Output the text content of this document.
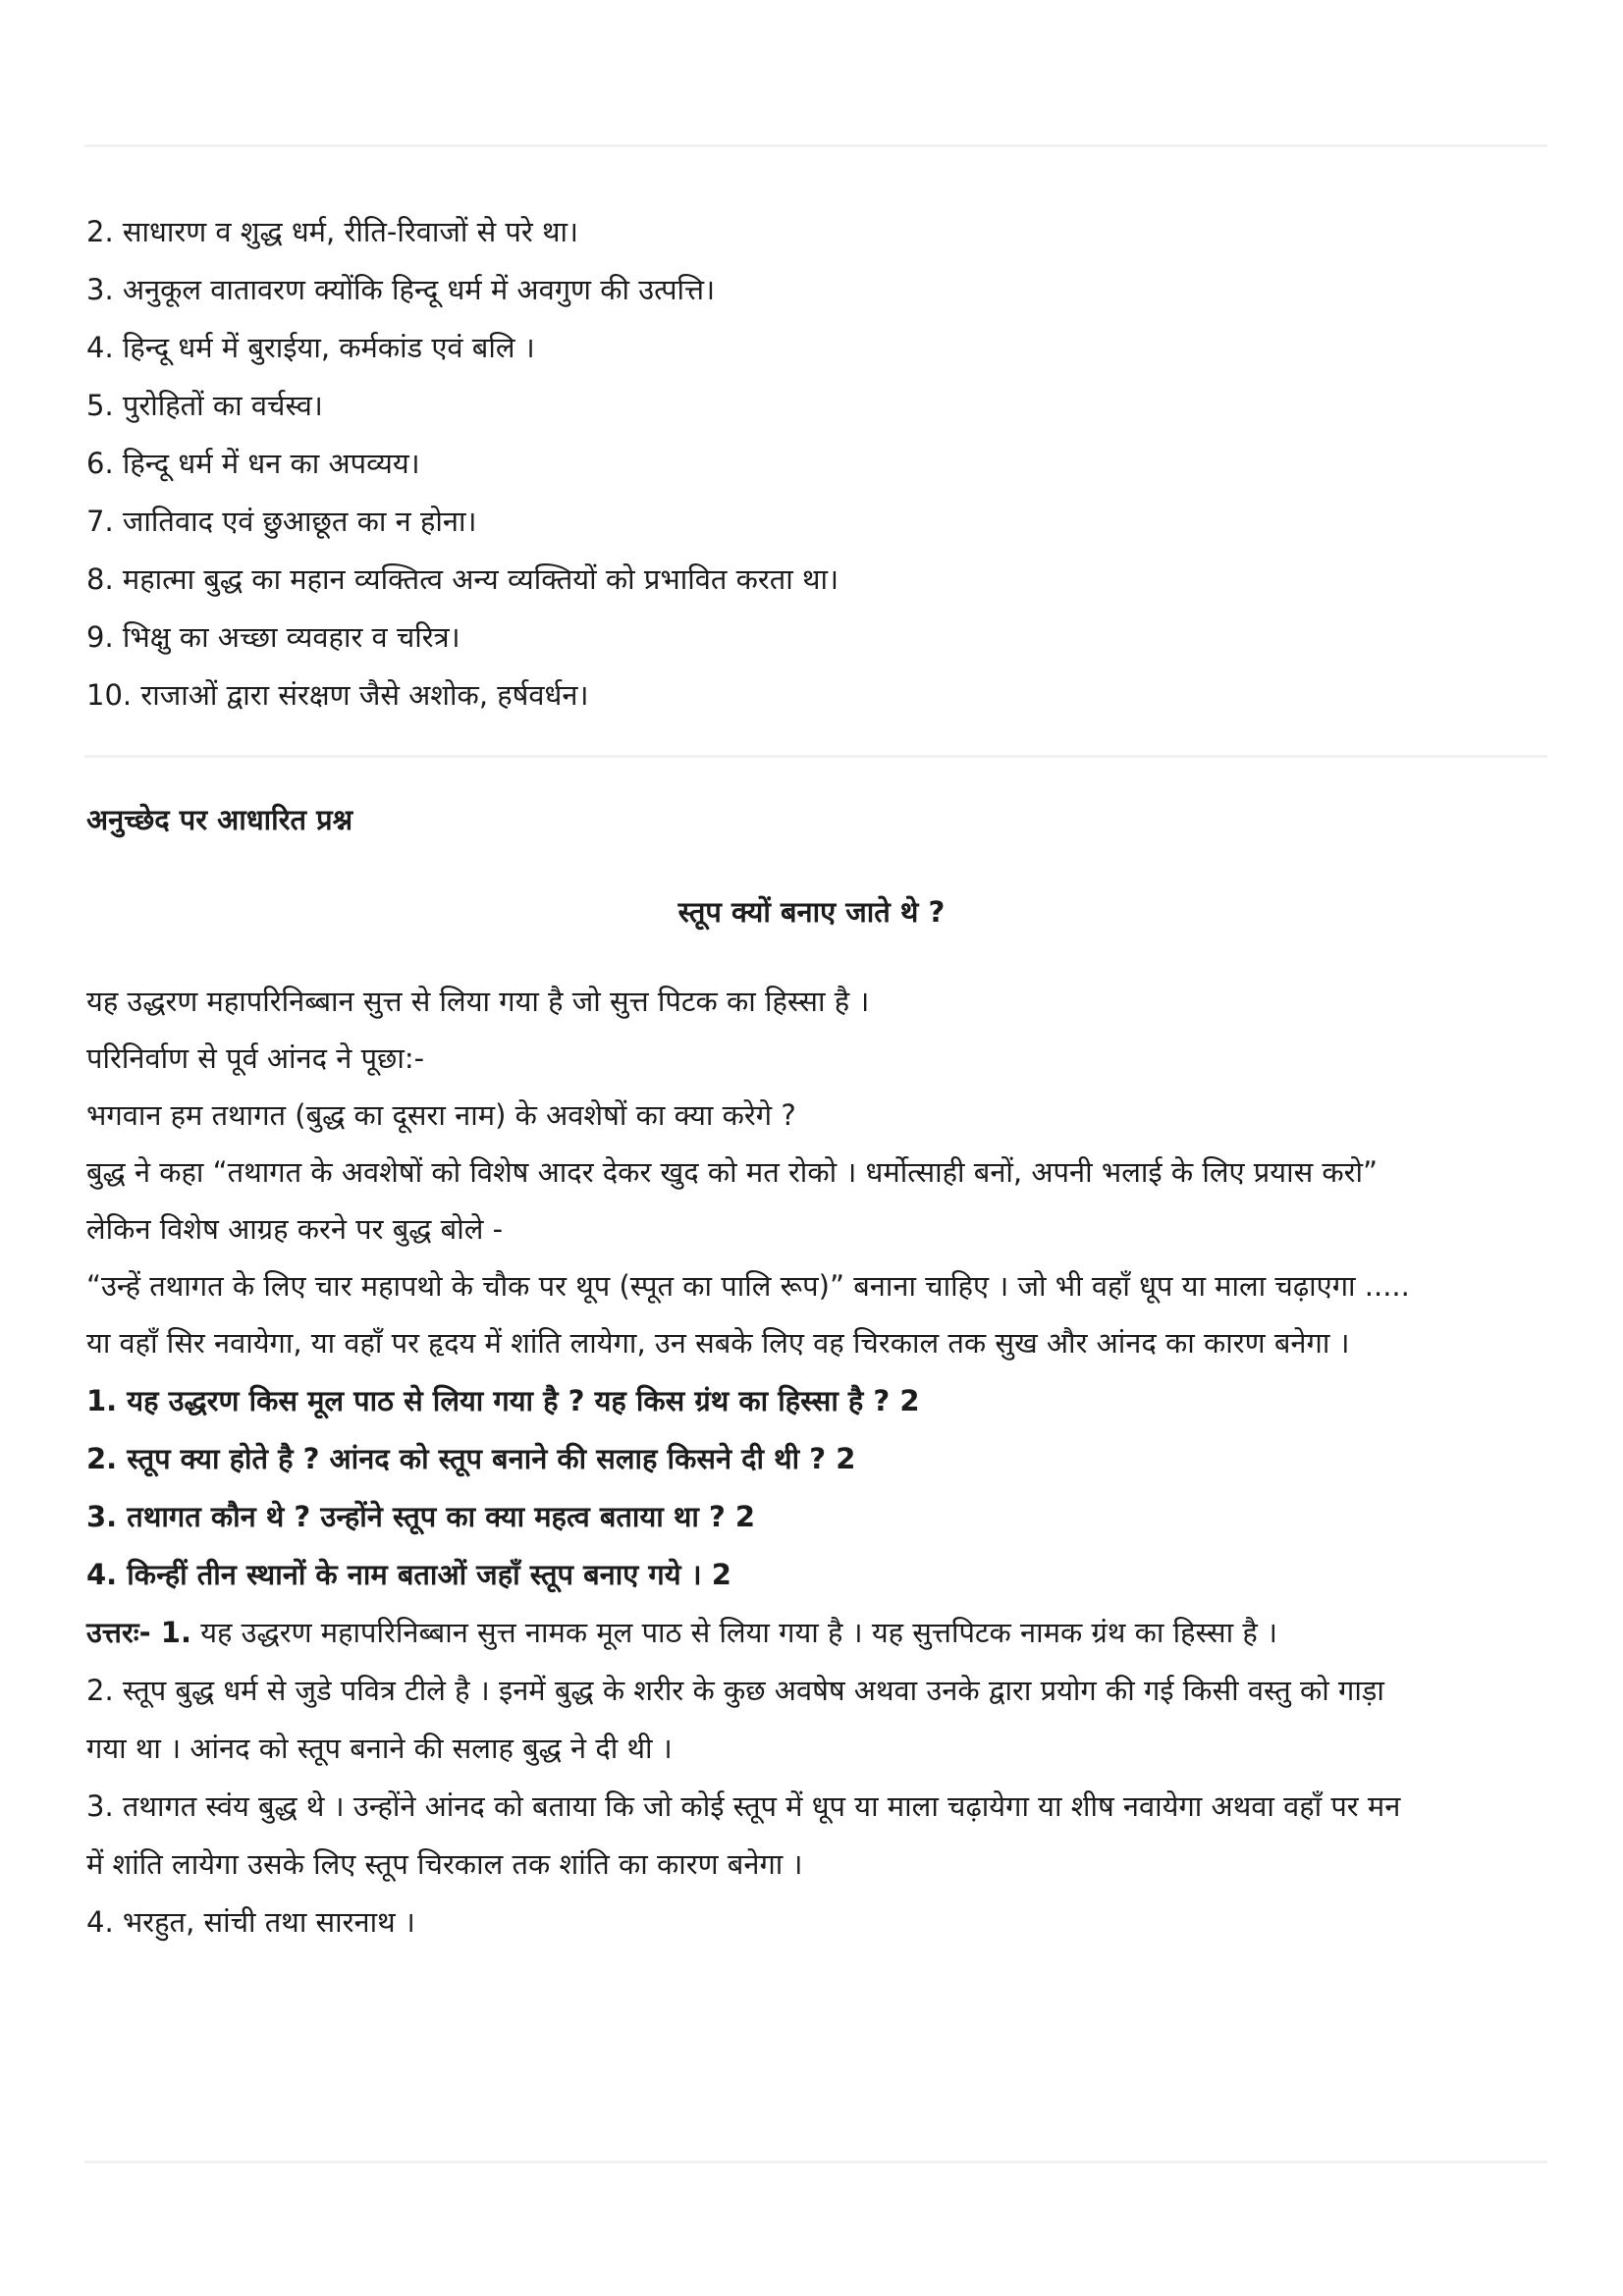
2. साधारण व शुद्ध धर्म, रीति-रिवाजों से परे था।
3. अनुकूल वातावरण क्योंकि हिन्दू धर्म में अवगुण की उत्पत्ति।
4. हिन्दू धर्म में बुराईया, कर्मकांड एवं बलि ।
5. पुरोहितों का वर्चस्व।
6. हिन्दू धर्म में धन का अपव्यय।
7. जातिवाद एवं छुआछूत का न होना।
8. महात्मा बुद्ध का महान व्यक्तित्व अन्य व्यक्तियों को प्रभावित करता था।
9. भिक्षु का अच्छा व्यवहार व चरित्र।
10. राजाओं द्वारा संरक्षण जैसे अशोक, हर्षवर्धन।
अनुच्छेद पर आधारित प्रश्न
स्तूप क्यों बनाए जाते थे ?
यह उद्धरण महापरिनिब्बान सुत्त से लिया गया है जो सुत्त पिटक का हिस्सा है ।
परिनिर्वाण से पूर्व आंनद ने पूछा:-
भगवान हम तथागत (बुद्ध का दूसरा नाम) के अवशेषों का क्या करेगे ?
बुद्ध ने कहा “तथागत के अवशेषों को विशेष आदर देकर खुद को मत रोको । धर्मोत्साही बनों, अपनी भलाई के लिए प्रयास करो”
लेकिन विशेष आग्रह करने पर बुद्ध बोले -
“उन्हें तथागत के लिए चार महापथो के चौक पर थूप (स्पूत का पालि रूप)” बनाना चाहिए । जो भी वहाँ धूप या माला चढ़ाएगा .....
या वहाँ सिर नवायेगा, या वहाँ पर हृदय में शांति लायेगा, उन सबके लिए वह चिरकाल तक सुख और आंनद का कारण बनेगा ।
1. यह उद्धरण किस मूल पाठ से लिया गया है ? यह किस ग्रंथ का हिस्सा है ? 2
2. स्तूप क्या होते है ? आंनद को स्तूप बनाने की सलाह किसने दी थी ? 2
3. तथागत कौन थे ? उन्होंने स्तूप का क्या महत्व बताया था ? 2
4. किन्हीं तीन स्थानों के नाम बताओं जहाँ स्तूप बनाए गये । 2
उत्तरः- 1. यह उद्धरण महापरिनिब्बान सुत्त नामक मूल पाठ से लिया गया है । यह सुत्तपिटक नामक ग्रंथ का हिस्सा है ।
2. स्तूप बुद्ध धर्म से जुडे पवित्र टीले है । इनमें बुद्ध के शरीर के कुछ अवषेष अथवा उनके द्वारा प्रयोग की गई किसी वस्तु को गाड़ा
गया था । आंनद को स्तूप बनाने की सलाह बुद्ध ने दी थी ।
3. तथागत स्वंय बुद्ध थे । उन्होंने आंनद को बताया कि जो कोई स्तूप में धूप या माला चढ़ायेगा या शीष नवायेगा अथवा वहाँ पर मन
में शांति लायेगा उसके लिए स्तूप चिरकाल तक शांति का कारण बनेगा ।
4. भरहुत, सांची तथा सारनाथ ।
